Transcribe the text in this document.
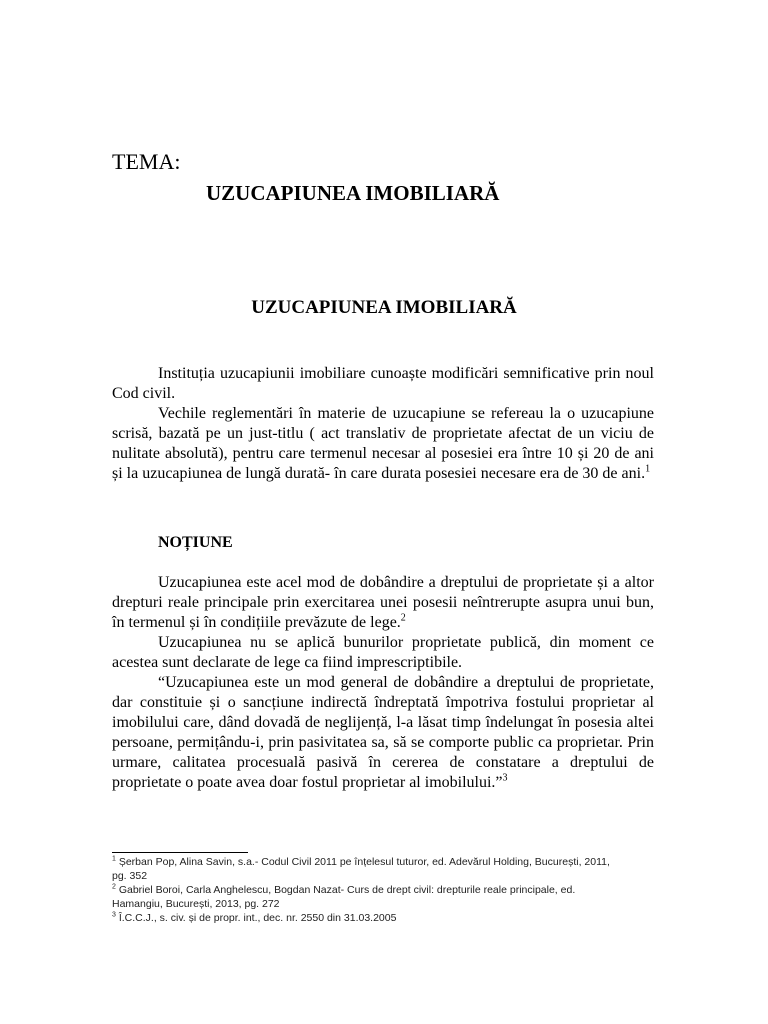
TEMA:
UZUCAPIUNEA IMOBILIARĂ
UZUCAPIUNEA IMOBILIARĂ

Instituția uzucapiunii imobiliare cunoaște modificări semnificative prin noul Cod civil.

Vechile reglementări în materie de uzucapiune se refereau la o uzucapiune scrisă, bazată pe un just-titlu ( act translativ de proprietate afectat de un viciu de nulitate absolută), pentru care termenul necesar al posesiei era între 10 și 20 de ani și la uzucapiunea de lungă durată- în care durata posesiei necesare era de 30 de ani.$^1$

NOȚIUNE

Uzucapiunea este acel mod de dobândire a dreptului de proprietate și a altor drepturi reale principale prin exercitarea unei posesii neîntrerupte asupra unui bun, în termenul și în condițiile prevăzute de lege.$^2$

Uzucapiunea nu se aplică bunurilor proprietate publică, din moment ce acestea sunt declarate de lege ca fiind imprescriptibile.

“Uzucapiunea este un mod general de dobândire a dreptului de proprietate, dar constituie și o sancțiune indirectă îndreptată împotriva fostului proprietar al imobilului care, dând dovadă de neglijență, l-a lăsat timp îndelungat în posesia altei persoane, permițându-i, prin pasivitatea sa, să se comporte public ca proprietar. Prin urmare, calitatea procesuală pasivă în cererea de constatare a dreptului de proprietate o poate avea doar fostul proprietar al imobilului.”$^3$

$^1$ Șerban Pop, Alina Savin, s.a.- Codul Civil 2011 pe înțelesul tuturor, ed. Adevărul Holding, București, 2011, pg. 352

$^2$ Gabriel Boroi, Carla Anghelescu, Bogdan Nazat- Curs de drept civil: drepturile reale principale, ed. Hamangiu, București, 2013, pg. 272

$^3$ Î.C.C.J., s. civ. și de propr. int., dec. nr. 2550 din 31.03.2005
